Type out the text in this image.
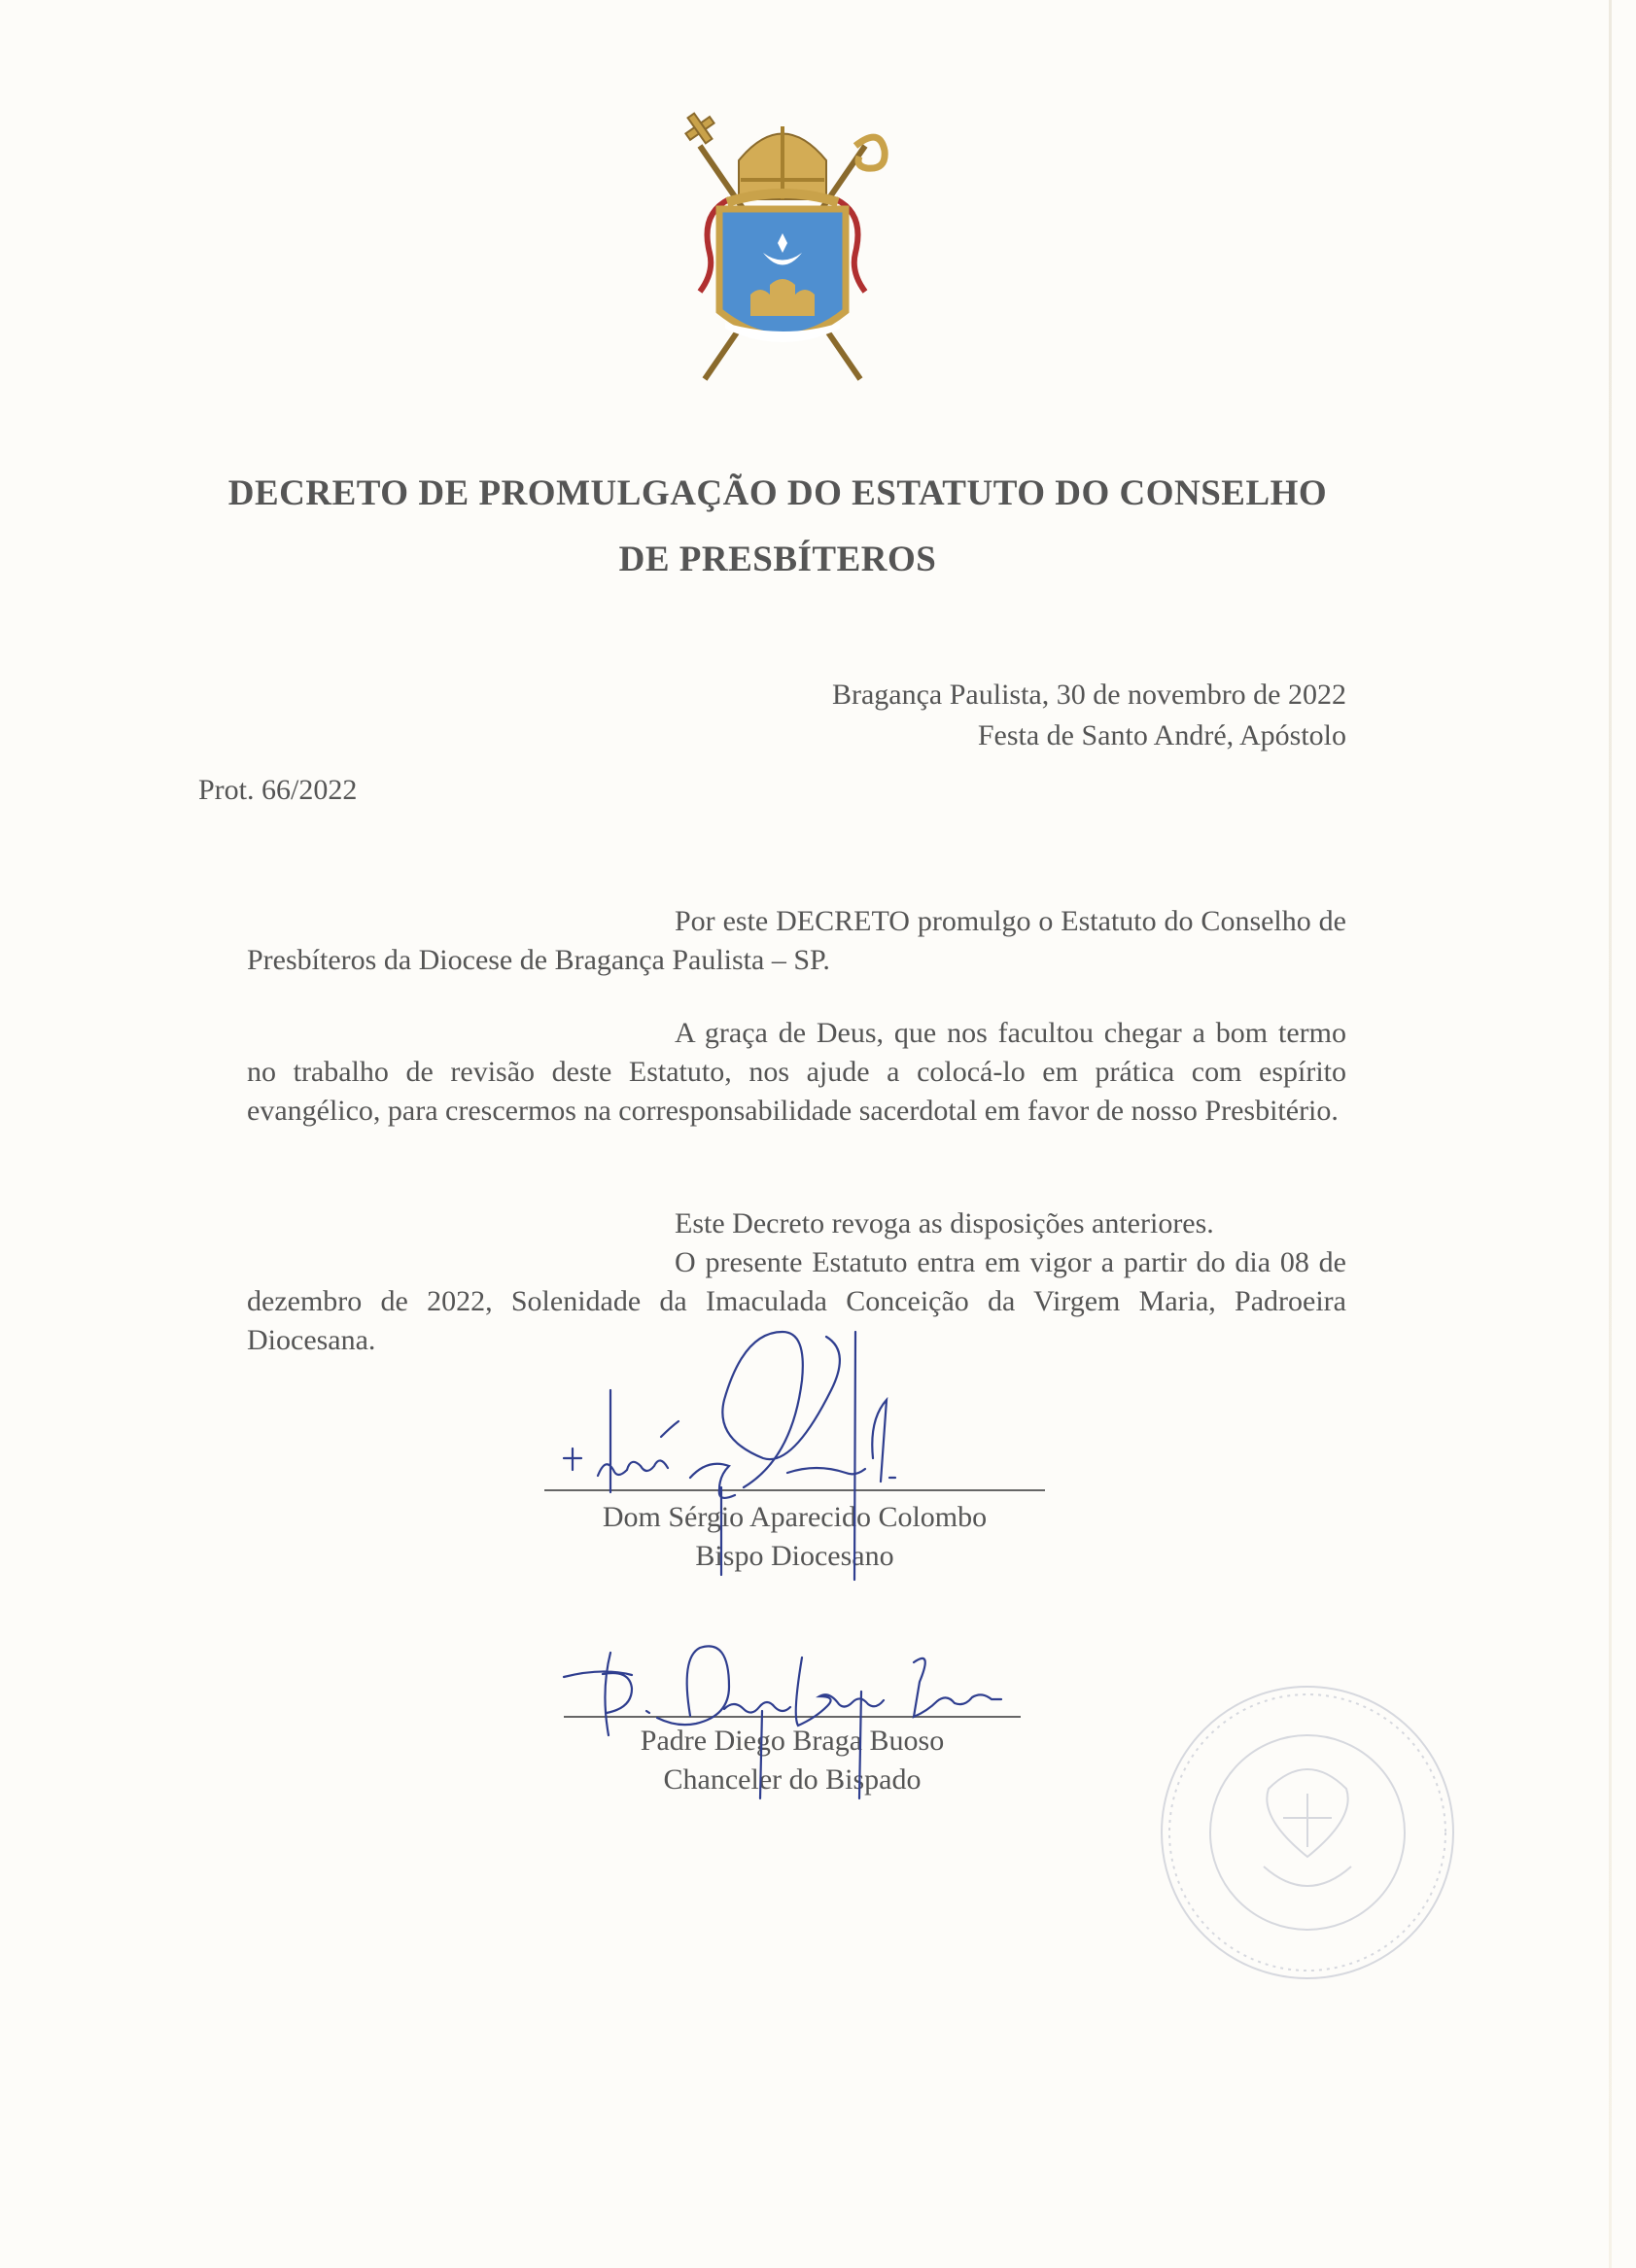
DECRETO DE PROMULGAÇÃO DO ESTATUTO DO CONSELHO
DE PRESBÍTEROS
Bragança Paulista, 30 de novembro de 2022
Festa de Santo André, Apóstolo
Prot. 66/2022
Por este DECRETO promulgo o Estatuto do Conselho de Presbíteros da Diocese de Bragança Paulista – SP.
A graça de Deus, que nos facultou chegar a bom termo no trabalho de revisão deste Estatuto, nos ajude a colocá-lo em prática com espírito evangélico, para crescermos na corresponsabilidade sacerdotal em favor de nosso Presbitério.
Este Decreto revoga as disposições anteriores.
O presente Estatuto entra em vigor a partir do dia 08 de dezembro de 2022, Solenidade da Imaculada Conceição da Virgem Maria, Padroeira Diocesana.
Dom Sérgio Aparecido Colombo
Bispo Diocesano
Padre Diego Braga Buoso
Chanceler do Bispado
